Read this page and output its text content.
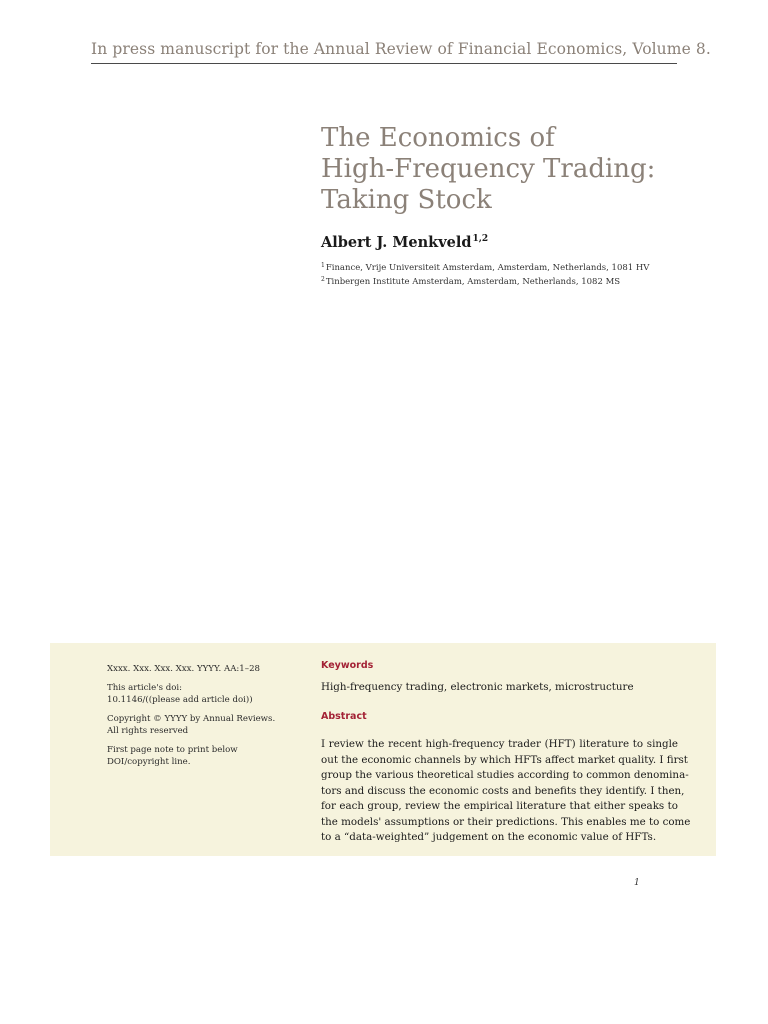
In press manuscript for the Annual Review of Financial Economics, Volume 8.
The Economics of
High-Frequency Trading:
Taking Stock
Albert J. Menkveld$^{1,2}$
$^1$Finance, Vrije Universiteit Amsterdam, Amsterdam, Netherlands, 1081 HV
$^2$Tinbergen Institute Amsterdam, Amsterdam, Netherlands, 1082 MS

Xxxx. Xxx. Xxx. Xxx. YYYY. AA:1–28

This article's doi:
10.1146/((please add article doi))

Copyright © YYYY by Annual Reviews.
All rights reserved

First page note to print below
DOI/copyright line.

Keywords
High-frequency trading, electronic markets, microstructure
Abstract
I review the recent high-frequency trader (HFT) literature to single
out the economic channels by which HFTs affect market quality. I first
group the various theoretical studies according to common denomina-
tors and discuss the economic costs and benefits they identify. I then,
for each group, review the empirical literature that either speaks to
the models' assumptions or their predictions. This enables me to come
to a “data-weighted” judgement on the economic value of HFTs.
1
